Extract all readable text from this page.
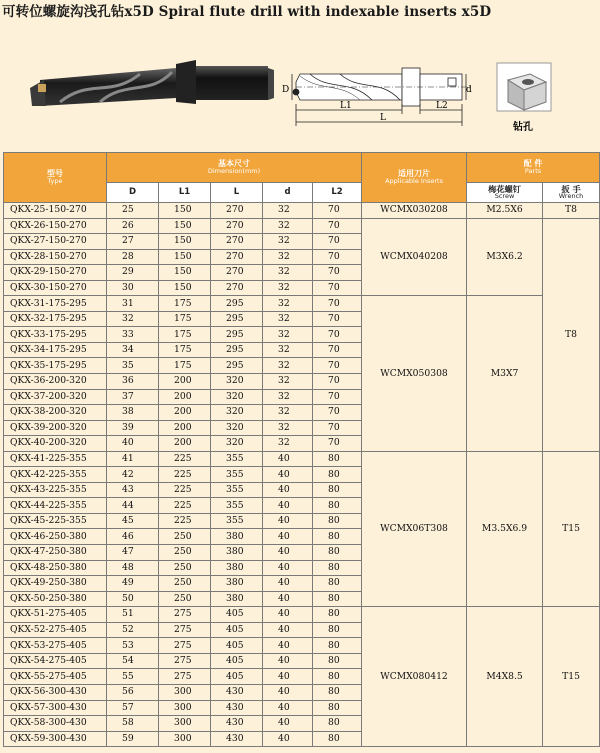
可转位螺旋沟浅孔钻x5D Spiral flute drill with indexable inserts x5D
D	d
L1	L2
L
钻孔
型号
Type	基本尺寸
Dimension(mm)					适用刀片
Applicable Inserts	配 件
Parts	

	D	L1	L	d	L2		梅花螺钉
Screw	扳 手
Wrench

QKX-25-150-270	25	150	270	32	70	WCMX030208	M2.5X6	T8
QKX-26-150-270	26	150	270	32	70	WCMX040208	M3X6.2	T8
QKX-27-150-270	27	150	270	32	70			
QKX-28-150-270	28	150	270	32	70			
QKX-29-150-270	29	150	270	32	70			
QKX-30-150-270	30	150	270	32	70			
QKX-31-175-295	31	175	295	32	70	WCMX050308	M3X7	
QKX-32-175-295	32	175	295	32	70			
QKX-33-175-295	33	175	295	32	70			
QKX-34-175-295	34	175	295	32	70			
QKX-35-175-295	35	175	295	32	70			
QKX-36-200-320	36	200	320	32	70			
QKX-37-200-320	37	200	320	32	70			
QKX-38-200-320	38	200	320	32	70			
QKX-39-200-320	39	200	320	32	70			
QKX-40-200-320	40	200	320	32	70			
QKX-41-225-355	41	225	355	40	80	WCMX06T308	M3.5X6.9	T15
QKX-42-225-355	42	225	355	40	80			
QKX-43-225-355	43	225	355	40	80			
QKX-44-225-355	44	225	355	40	80			
QKX-45-225-355	45	225	355	40	80			
QKX-46-250-380	46	250	380	40	80			
QKX-47-250-380	47	250	380	40	80			
QKX-48-250-380	48	250	380	40	80			
QKX-49-250-380	49	250	380	40	80			
QKX-50-250-380	50	250	380	40	80			
QKX-51-275-405	51	275	405	40	80	WCMX080412	M4X8.5	T15
QKX-52-275-405	52	275	405	40	80			
QKX-53-275-405	53	275	405	40	80			
QKX-54-275-405	54	275	405	40	80			
QKX-55-275-405	55	275	405	40	80			
QKX-56-300-430	56	300	430	40	80			
QKX-57-300-430	57	300	430	40	80			
QKX-58-300-430	58	300	430	40	80			
QKX-59-300-430	59	300	430	40	80			
